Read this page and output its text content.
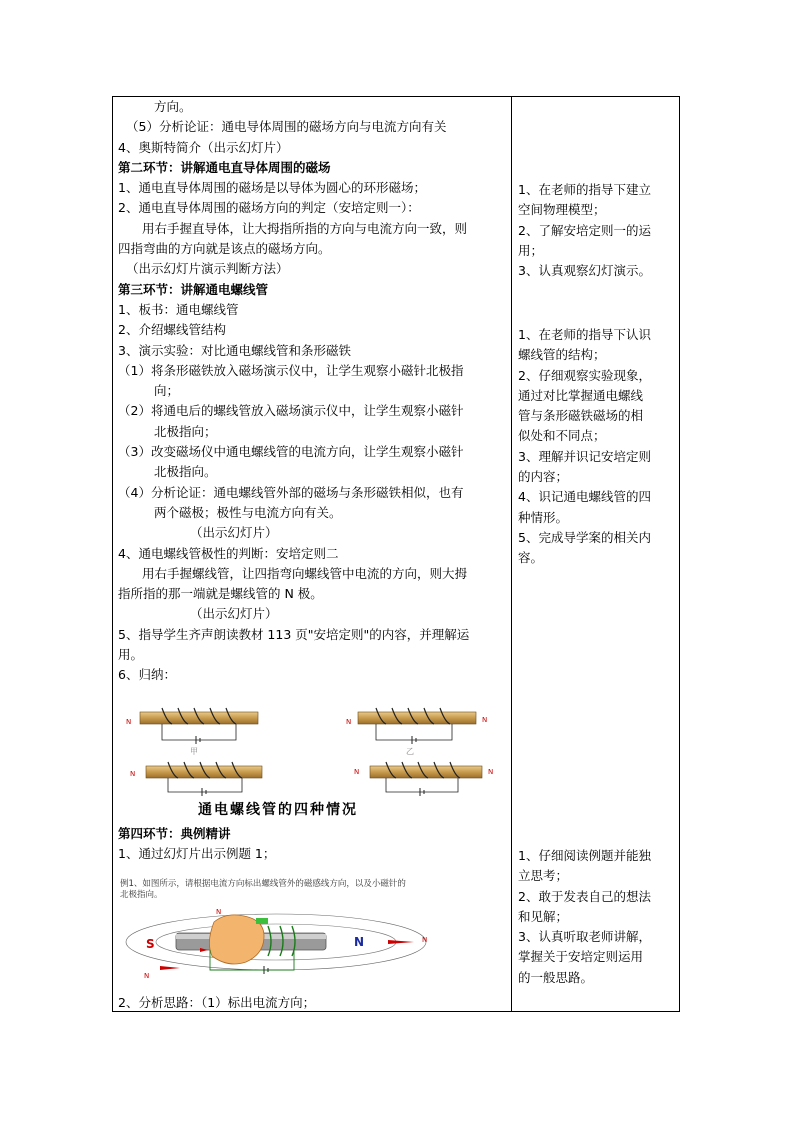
方向。
（5）分析论证：通电导体周围的磁场方向与电流方向有关
4、奥斯特简介（出示幻灯片）
第二环节：讲解通电直导体周围的磁场
1、通电直导体周围的磁场是以导体为圆心的环形磁场；
2、通电直导体周围的磁场方向的判定（安培定则一）：
用右手握直导体，让大拇指所指的方向与电流方向一致，则
四指弯曲的方向就是该点的磁场方向。
（出示幻灯片演示判断方法）
第三环节：讲解通电螺线管
1、板书：通电螺线管
2、介绍螺线管结构
3、演示实验：对比通电螺线管和条形磁铁
（1）将条形磁铁放入磁场演示仪中，让学生观察小磁针北极指
向；
（2）将通电后的螺线管放入磁场演示仪中，让学生观察小磁针
北极指向；
（3）改变磁场仪中通电螺线管的电流方向，让学生观察小磁针
北极指向。
（4）分析论证：通电螺线管外部的磁场与条形磁铁相似，也有
两个磁极；极性与电流方向有关。
（出示幻灯片）
4、通电螺线管极性的判断：安培定则二
用右手握螺线管，让四指弯向螺线管中电流的方向，则大拇
指所指的那一端就是螺线管的 N 极。
（出示幻灯片）
5、指导学生齐声朗读教材 113 页"安培定则"的内容，并理解运
用。
6、归纳：
N
甲
N	N
乙
N	N	N
通电螺线管的四种情况
第四环节：典例精讲
1、通过幻灯片出示例题 1；
例1、如图所示，请根据电流方向标出螺线管外的磁感线方向，以及小磁针的
北极指向。
S	N	N
N
N
2、分析思路：（1）标出电流方向；
1、在老师的指导下建立
空间物理模型；
2、了解安培定则一的运
用；
3、认真观察幻灯演示。
1、在老师的指导下认识
螺线管的结构；
2、仔细观察实验现象，
通过对比掌握通电螺线
管与条形磁铁磁场的相
似处和不同点；
3、理解并识记安培定则
的内容；
4、识记通电螺线管的四
种情形。
5、完成导学案的相关内
容。
1、仔细阅读例题并能独
立思考；
2、敢于发表自己的想法
和见解；
3、认真听取老师讲解，
掌握关于安培定则运用
的一般思路。
